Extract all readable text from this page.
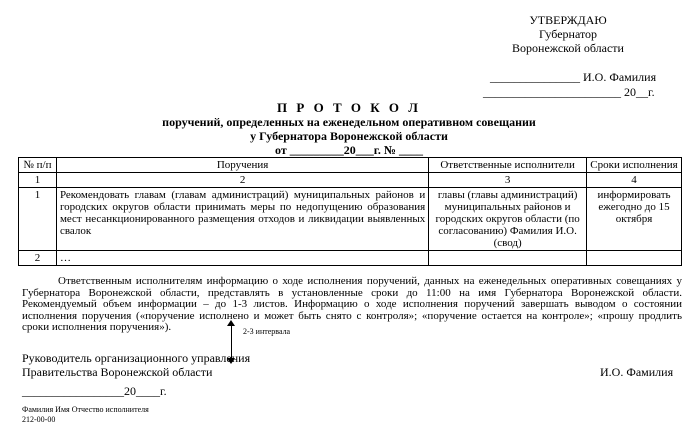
УТВЕРЖДАЮ
Губернатор
Воронежской области
_______________ И.О. Фамилия
_______________________ 20__г.
П Р О Т О К О Л
поручений, определенных на еженедельном оперативном совещании
у Губернатора Воронежской области
от _________20___г. № ____
№ п/п	Поручения	Ответственные исполнители	Сроки исполнения
1	2	3	4
1	Рекомендовать главам (главам администраций) муниципальных районов и городских округов области принимать меры по недопущению образования мест несанкционированного размещения отходов и ликвидации выявленных свалок	главы (главы администраций) муниципальных районов и городских округов области (по согласованию) Фамилия И.О. (свод)	информировать ежегодно до 15 октября
2	…		
Ответственным исполнителям информацию о ходе исполнения поручений, данных на еженедельных оперативных совещаниях у Губернатора Воронежской области, представлять в установленные сроки до 11:00 на имя Губернатора Воронежской области. Рекомендуемый объем информации – до 1-3 листов. Информацию о ходе исполнения поручений завершать выводом о состоянии исполнения поручения («поручение исполнено и может быть снято с контроля»; «поручение остается на контроле»; «прошу продлить сроки исполнения поручения»).	2-3 интервала
Руководитель организационного управления
Правительства Воронежской области	И.О. Фамилия
_________________20____г.
Фамилия Имя Отчество исполнителя
212-00-00
